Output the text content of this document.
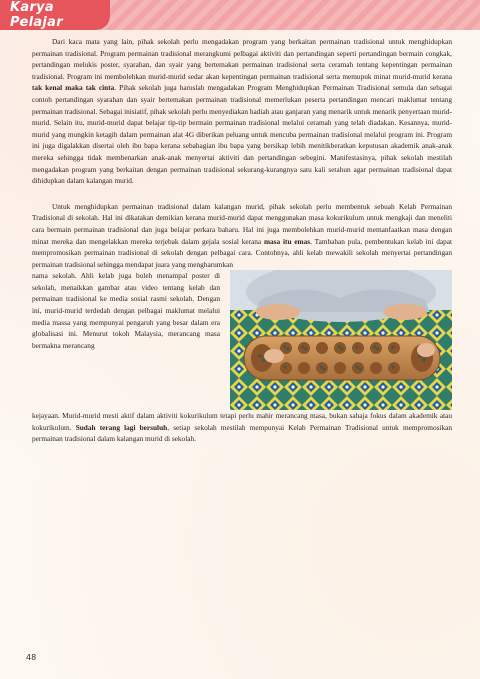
Karya Pelajar

Dari kaca mata yang lain, pihak sekolah perlu mengadakan program yang berkaitan permainan tradisional untuk menghidupkan permainan tradisional. Program permainan tradisional merangkumi pelbagai aktiviti dan pertandingan seperti pertandingan bermain congkak, pertandingan melukis poster, syarahan, dan syair yang bertemakan permainan tradisional serta ceramah tentang kepentingan permainan tradisional. Program ini membolehkan murid-murid sedar akan kepentingan permainan tradisional serta memupuk minat murid-murid kerana tak kenal maka tak cinta. Pihak sekolah juga haruslah mengadakan Program Menghidupkan Permainan Tradisional semula dan sebagai contoh pertandingan syarahan dan syair bertemakan permainan tradisional memerlukan peserta pertandingan mencari maklumat tentang permainan tradisional. Sebagai inisiatif, pihak sekolah perlu menyediakan hadiah atau ganjaran yang menarik untuk menarik penyertaan murid-murid. Selain itu, murid-murid dapat belajar tip-tip bermain permainan tradisional melalui ceramah yang telah diadakan. Kesannya, murid-murid yang mungkin ketagih dalam permainan alat 4G diberikan peluang untuk mencuba permainan tradisional melalui program ini. Program ini juga digalakkan disertai oleh ibu bapa kerana sebahagian ibu bapa yang bersikap lebih menitikberatkan keputusan akademik anak-anak mereka sehingga tidak membenarkan anak-anak menyertai aktiviti dan pertandingan sebegini. Manifestasinya, pihak sekolah mestilah mengadakan program yang berkaitan dengan permainan tradisional sekurang-kurangnya satu kali setahun agar permainan tradisional dapat dihidupkan dalam kalangan murid.

Untuk menghidupkan permainan tradisional dalam kalangan murid, pihak sekolah perlu membentuk sebuah Kelab Permainan Tradisional di sekolah. Hal ini dikatakan demikian kerana murid-murid dapat menggunakan masa kokurikulum untuk mengkaji dan meneliti cara bermain permainan tradisional dan juga belajar perkara baharu. Hal ini juga membolehkan murid-murid memanfaatkan masa dengan minat mereka dan mengelakkan mereka terjebak dalam gejala sosial kerana masa itu emas. Tambahan pula, pembentukan kelab ini dapat mempromosikan permainan tradisional di sekolah dengan pelbagai cara. Contohnya, ahli kelab mewakili sekolah menyertai pertandingan permainan tradisional sehingga mendapat juara yang mengharumkan

nama sekolah. Ahli kelab juga boleh menampal poster di sekolah, menaikkan gambar atau video tentang kelab dan permainan tradisional ke media sosial rasmi sekolah. Dengan ini, murid-murid terdedah dengan pelbagai maklumat melalui media massa yang mempunyai pengaruh yang besar dalam era globalisasi ini. Menurut tokoh Malaysia, merancang masa bermakna merancang

kejayaan. Murid-murid mesti aktif dalam aktiviti kokurikulum tetapi perlu mahir merancang masa, bukan sahaja fokus dalam akademik atau kokurikulum. Sudah terang lagi bersuluh, setiap sekolah mestilah mempunyai Kelab Permainan Tradisional untuk mempromosikan permainan tradisional dalam kalangan murid di sekolah.

48
